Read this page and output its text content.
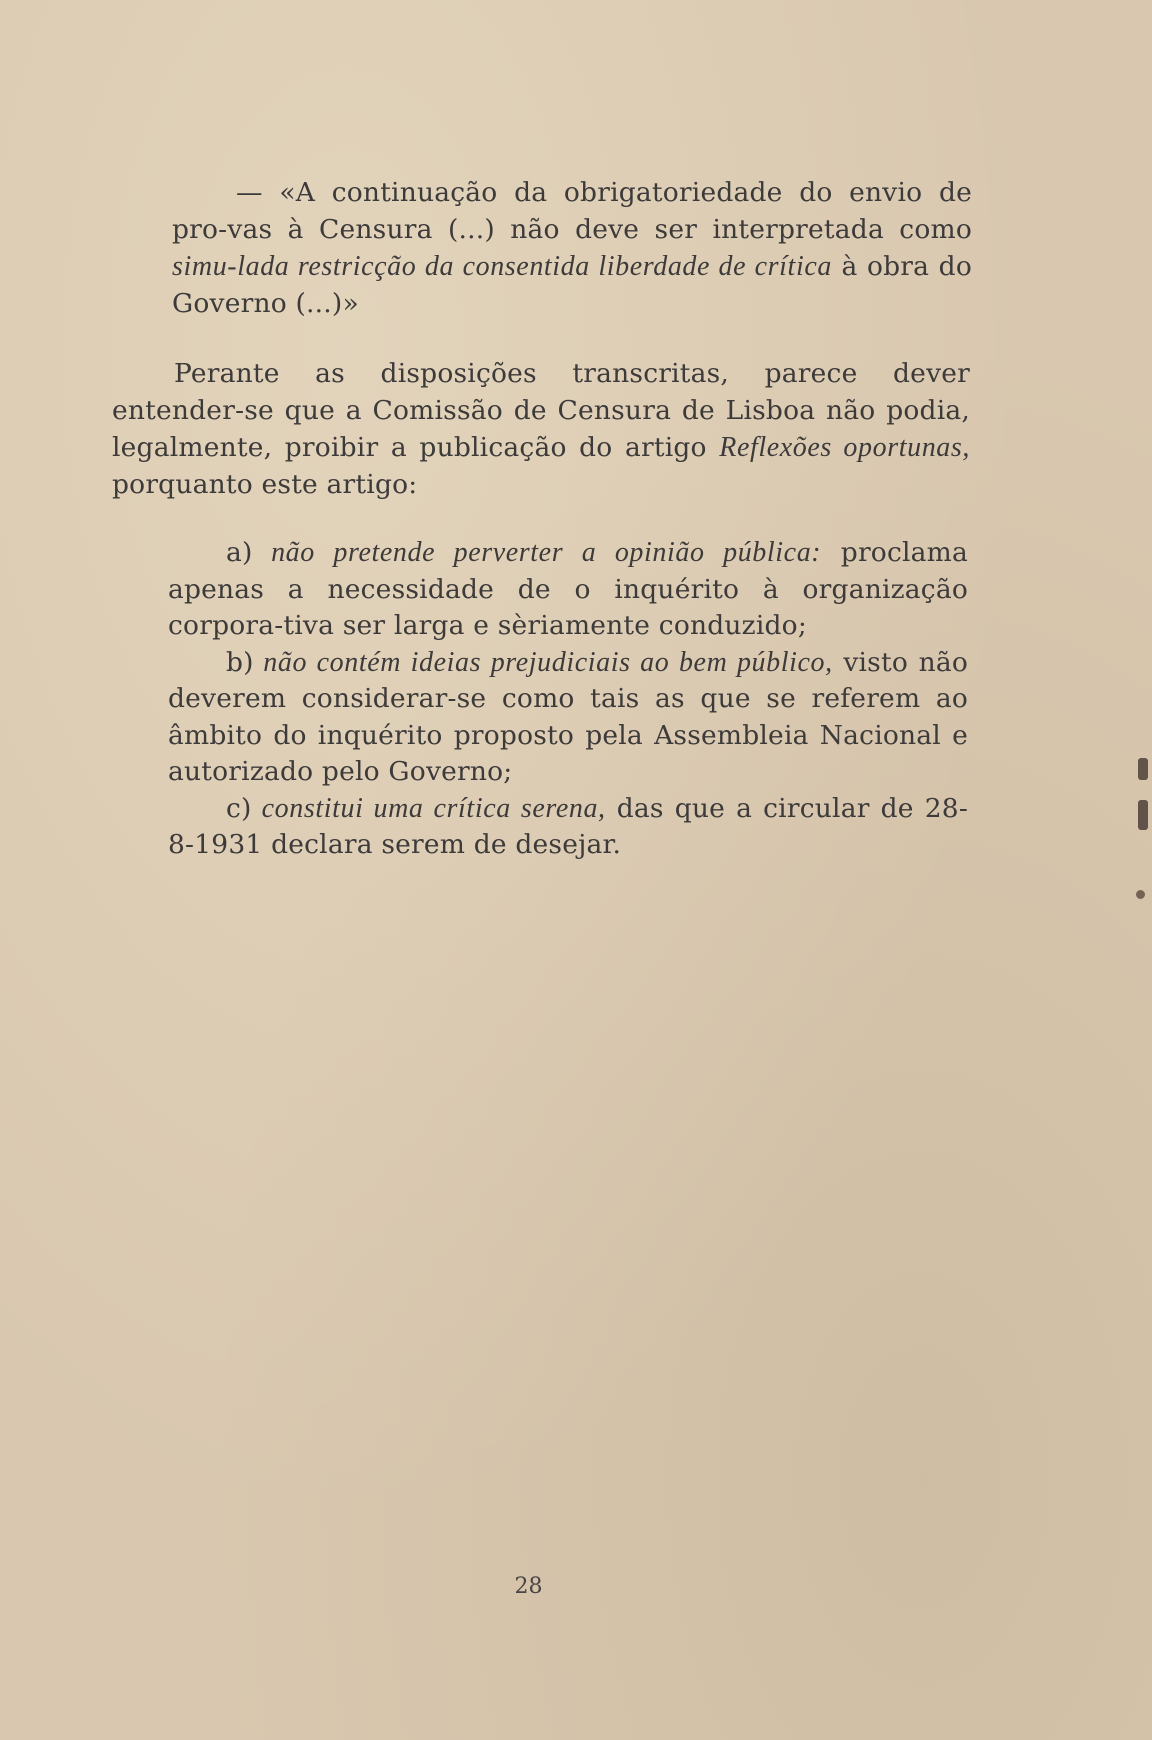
— «A continuação da obrigatoriedade do envio de pro-vas à Censura (...) não deve ser interpretada como simu-lada restricção da consentida liberdade de crítica à obra do Governo (...)»

Perante as disposições transcritas, parece dever entender-se que a Comissão de Censura de Lisboa não podia, legalmente, proibir a publicação do artigo Reflexões oportunas, porquanto este artigo:

a) não pretende perverter a opinião pública: proclama apenas a necessidade de o inquérito à organização corpora-tiva ser larga e sèriamente conduzido;

b) não contém ideias prejudiciais ao bem público, visto não deverem considerar-se como tais as que se referem ao âmbito do inquérito proposto pela Assembleia Nacional e autorizado pelo Governo;

c) constitui uma crítica serena, das que a circular de 28-8-1931 declara serem de desejar.

28
